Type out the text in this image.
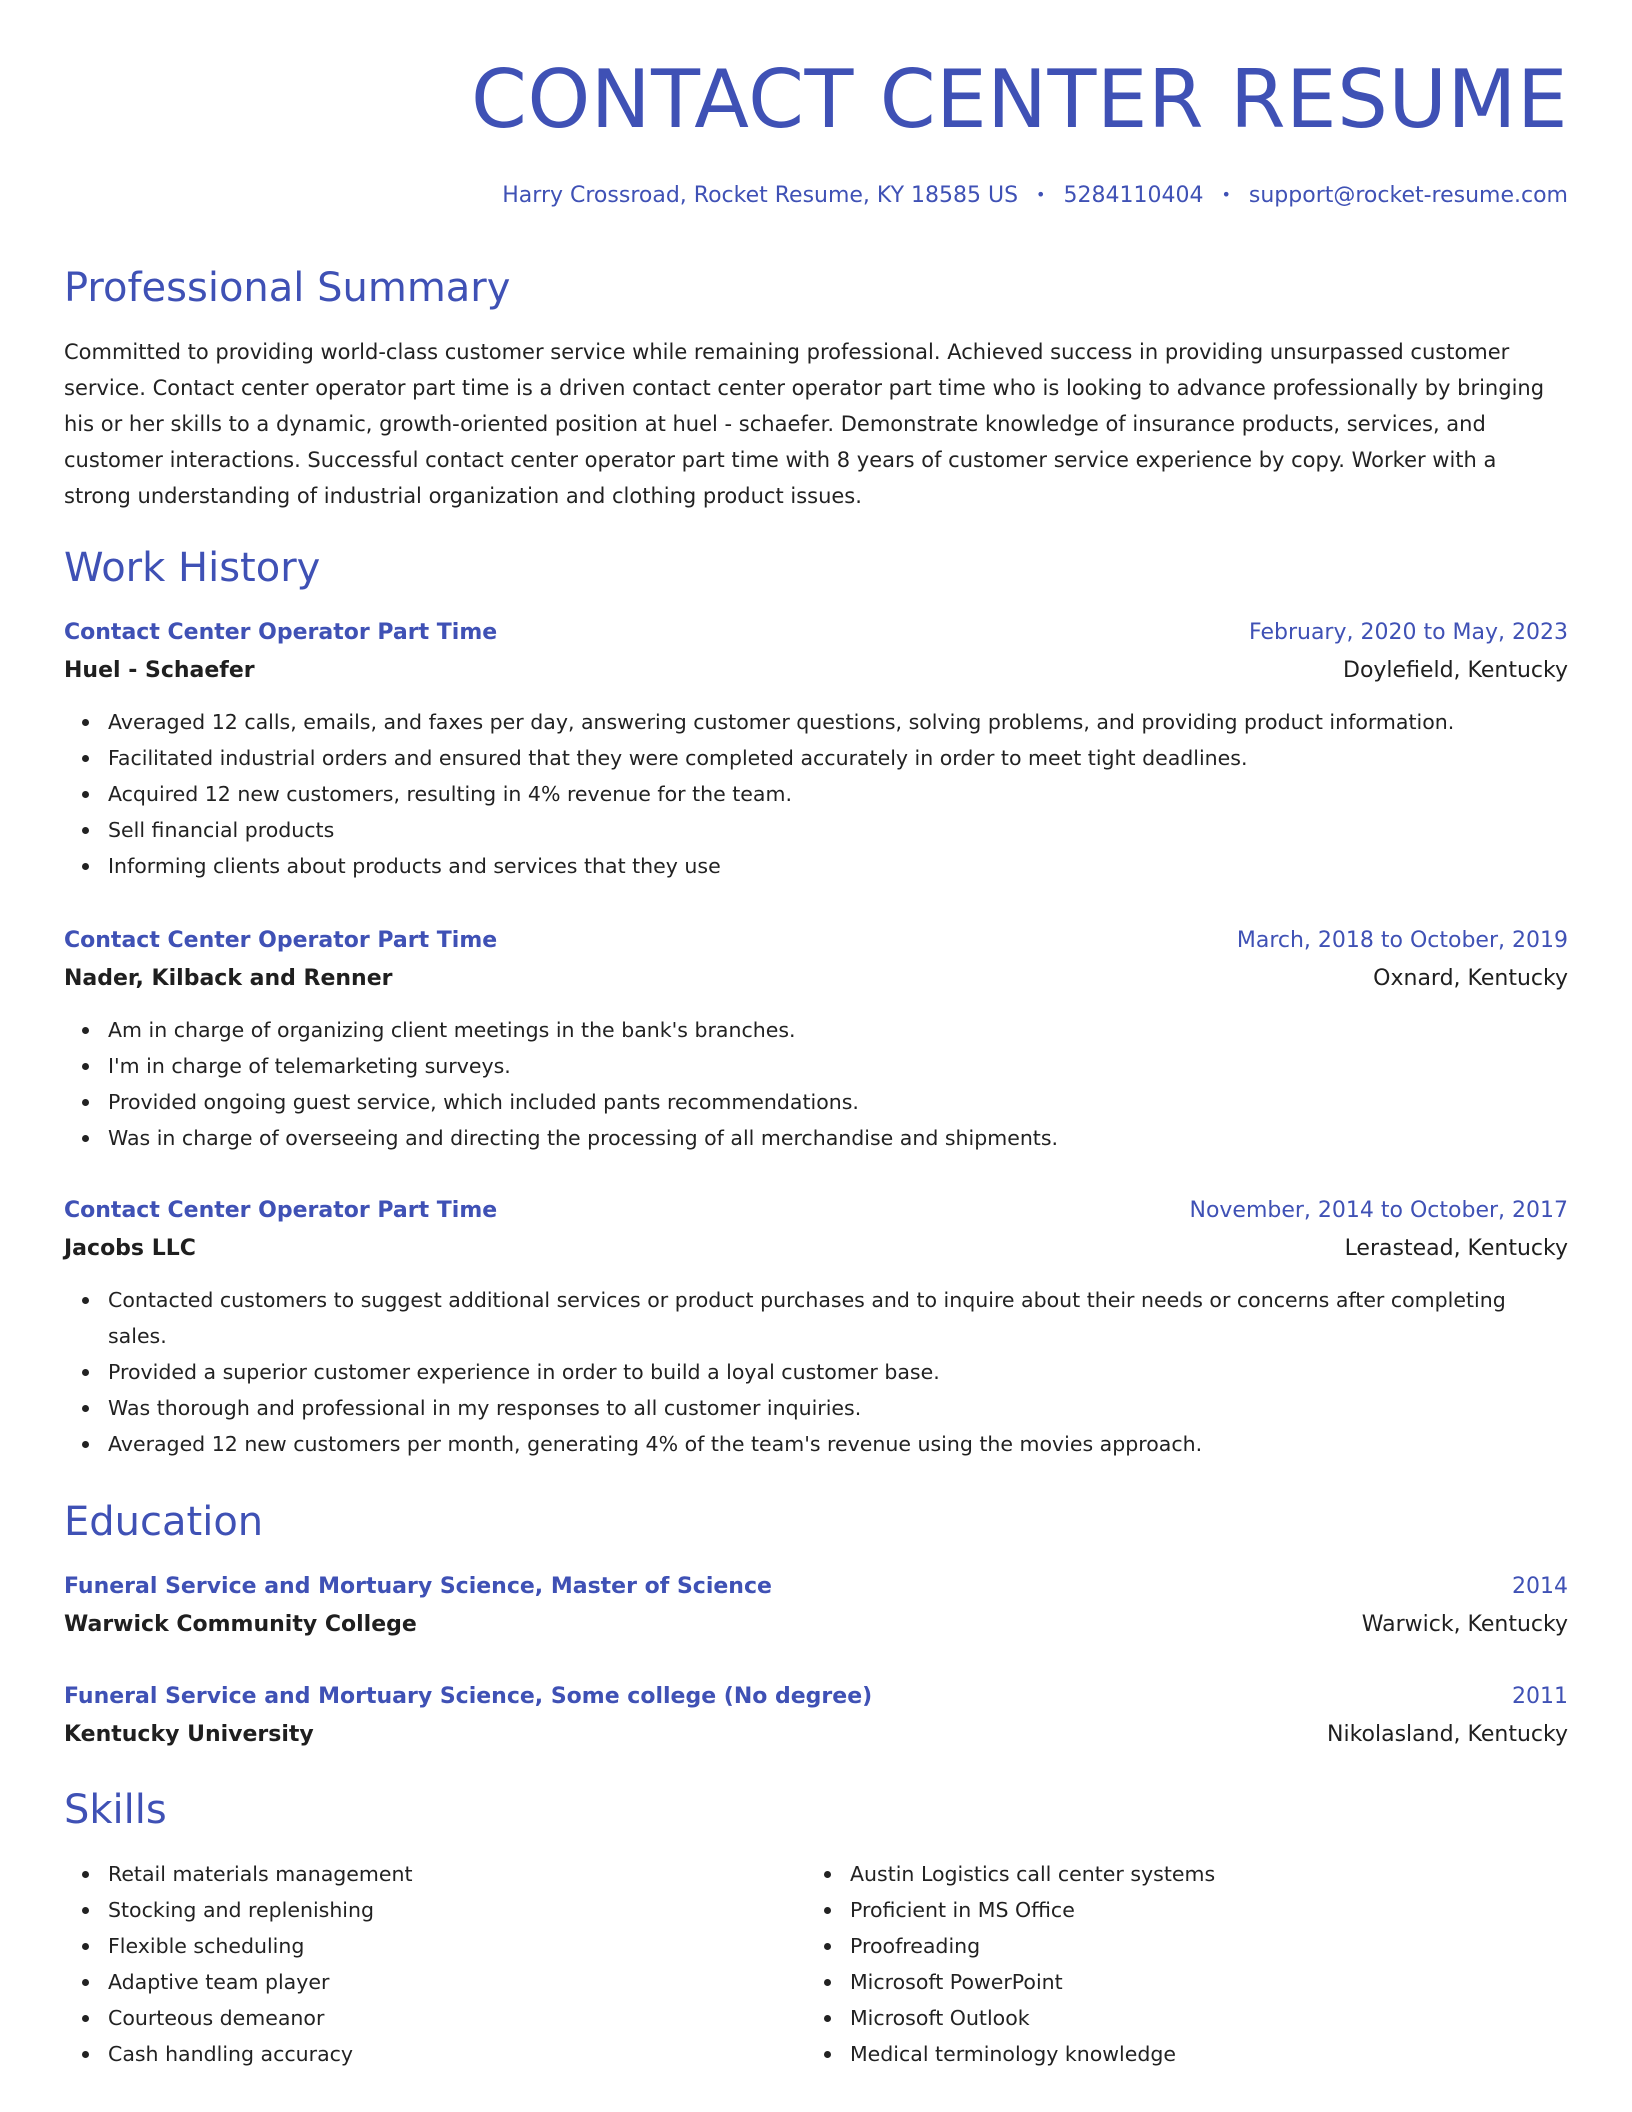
CONTACT CENTER RESUME
Harry Crossroad, Rocket Resume, KY 18585 US • 5284110404 • support@rocket-resume.com
Professional Summary

Committed to providing world-class customer service while remaining professional. Achieved success in providing unsurpassed customer service. Contact center operator part time is a driven contact center operator part time who is looking to advance professionally by bringing his or her skills to a dynamic, growth-oriented position at huel - schaefer. Demonstrate knowledge of insurance products, services, and customer interactions. Successful contact center operator part time with 8 years of customer service experience by copy. Worker with a strong understanding of industrial organization and clothing product issues.

Work History
Contact Center Operator Part Time	February, 2020 to May, 2023
Huel - Schaefer	Doylefield, Kentucky
Averaged 12 calls, emails, and faxes per day, answering customer questions, solving problems, and providing product information.
Facilitated industrial orders and ensured that they were completed accurately in order to meet tight deadlines.
Acquired 12 new customers, resulting in 4% revenue for the team.
Sell financial products
Informing clients about products and services that they use
Contact Center Operator Part Time	March, 2018 to October, 2019
Nader, Kilback and Renner	Oxnard, Kentucky
Am in charge of organizing client meetings in the bank's branches.
I'm in charge of telemarketing surveys.
Provided ongoing guest service, which included pants recommendations.
Was in charge of overseeing and directing the processing of all merchandise and shipments.
Contact Center Operator Part Time	November, 2014 to October, 2017
Jacobs LLC	Lerastead, Kentucky
Contacted customers to suggest additional services or product purchases and to inquire about their needs or concerns after completing sales.
Provided a superior customer experience in order to build a loyal customer base.
Was thorough and professional in my responses to all customer inquiries.
Averaged 12 new customers per month, generating 4% of the team's revenue using the movies approach.
Education
Funeral Service and Mortuary Science, Master of Science	2014
Warwick Community College	Warwick, Kentucky
Funeral Service and Mortuary Science, Some college (No degree)	2011
Kentucky University	Nikolasland, Kentucky
Skills
Retail materials management
Stocking and replenishing
Flexible scheduling
Adaptive team player
Courteous demeanor
Cash handling accuracy
Austin Logistics call center systems
Proficient in MS Office
Proofreading
Microsoft PowerPoint
Microsoft Outlook
Medical terminology knowledge
